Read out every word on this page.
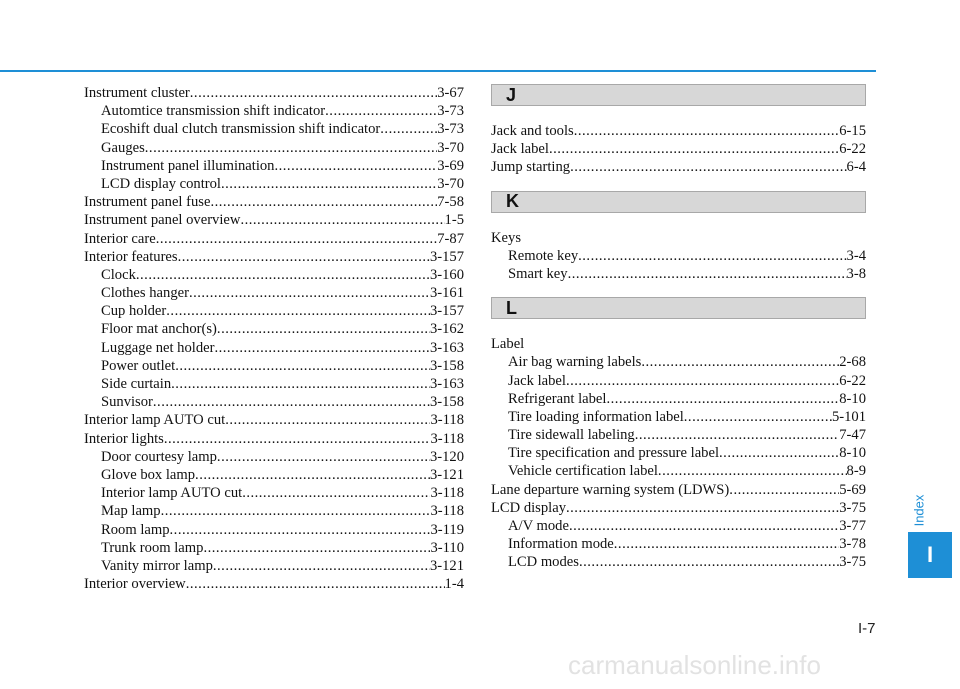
Instrument cluster .....	3-67
Automtice transmission shift indicator .....	3-73
Ecoshift dual clutch transmission shift indicator .....	3-73
Gauges .....	3-70
Instrument panel illumination .....	3-69
LCD display control .....	3-70
Instrument panel fuse .....	7-58
Instrument panel overview .....	1-5
Interior care .....	7-87
Interior features .....	3-157
Clock .....	3-160
Clothes hanger .....	3-161
Cup holder .....	3-157
Floor mat anchor(s) .....	3-162
Luggage net holder .....	3-163
Power outlet .....	3-158
Side curtain .....	3-163
Sunvisor .....	3-158
Interior lamp AUTO cut .....	3-118
Interior lights .....	3-118
Door courtesy lamp .....	3-120
Glove box lamp .....	3-121
Interior lamp AUTO cut .....	3-118
Map lamp .....	3-118
Room lamp .....	3-119
Trunk room lamp .....	3-110
Vanity mirror lamp .....	3-121
Interior overview .....	1-4
J
Jack and tools .....	6-15
Jack label .....	6-22
Jump starting .....	6-4
K
Keys
Remote key .....	3-4
Smart key .....	3-8
L
Label
Air bag warning labels .....	2-68
Jack label .....	6-22
Refrigerant label .....	8-10
Tire loading information label .....	5-101
Tire sidewall labeling .....	7-47
Tire specification and pressure label .....	8-10
Vehicle certification label .....	8-9
Lane departure warning system (LDWS) .....	5-69
LCD display .....	3-75
A/V mode .....	3-77
Information mode .....	3-78
LCD modes .....	3-75
Index
I
I-7
carmanualsonline.info
